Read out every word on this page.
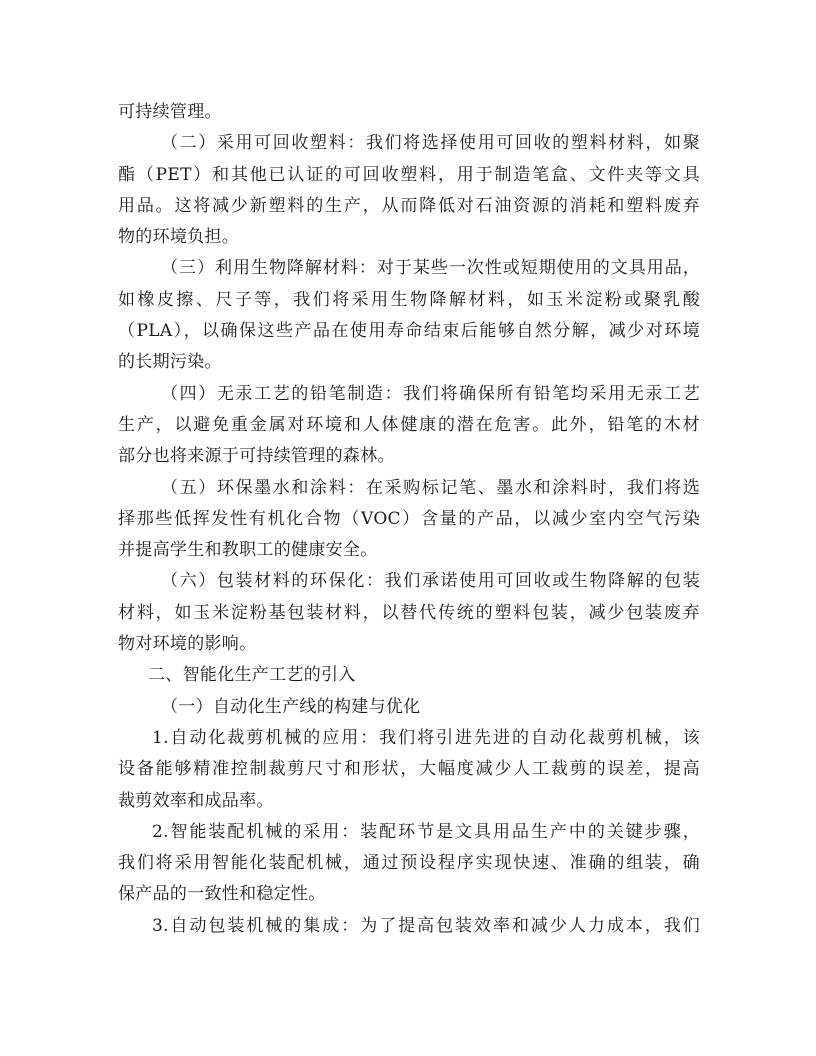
可持续管理。
（二）采用可回收塑料：我们将选择使用可回收的塑料材料，如聚
酯（PET）和其他已认证的可回收塑料，用于制造笔盒、文件夹等文具
用品。这将减少新塑料的生产，从而降低对石油资源的消耗和塑料废弃
物的环境负担。
（三）利用生物降解材料：对于某些一次性或短期使用的文具用品，
如橡皮擦、尺子等，我们将采用生物降解材料，如玉米淀粉或聚乳酸
（PLA），以确保这些产品在使用寿命结束后能够自然分解，减少对环境
的长期污染。
（四）无汞工艺的铅笔制造：我们将确保所有铅笔均采用无汞工艺
生产，以避免重金属对环境和人体健康的潜在危害。此外，铅笔的木材
部分也将来源于可持续管理的森林。
（五）环保墨水和涂料：在采购标记笔、墨水和涂料时，我们将选
择那些低挥发性有机化合物（VOC）含量的产品，以减少室内空气污染
并提高学生和教职工的健康安全。
（六）包装材料的环保化：我们承诺使用可回收或生物降解的包装
材料，如玉米淀粉基包装材料，以替代传统的塑料包装，减少包装废弃
物对环境的影响。
二、智能化生产工艺的引入
（一）自动化生产线的构建与优化
1.自动化裁剪机械的应用：我们将引进先进的自动化裁剪机械，该
设备能够精准控制裁剪尺寸和形状，大幅度减少人工裁剪的误差，提高
裁剪效率和成品率。
2.智能装配机械的采用：装配环节是文具用品生产中的关键步骤，
我们将采用智能化装配机械，通过预设程序实现快速、准确的组装，确
保产品的一致性和稳定性。
3.自动包装机械的集成：为了提高包装效率和减少人力成本，我们
